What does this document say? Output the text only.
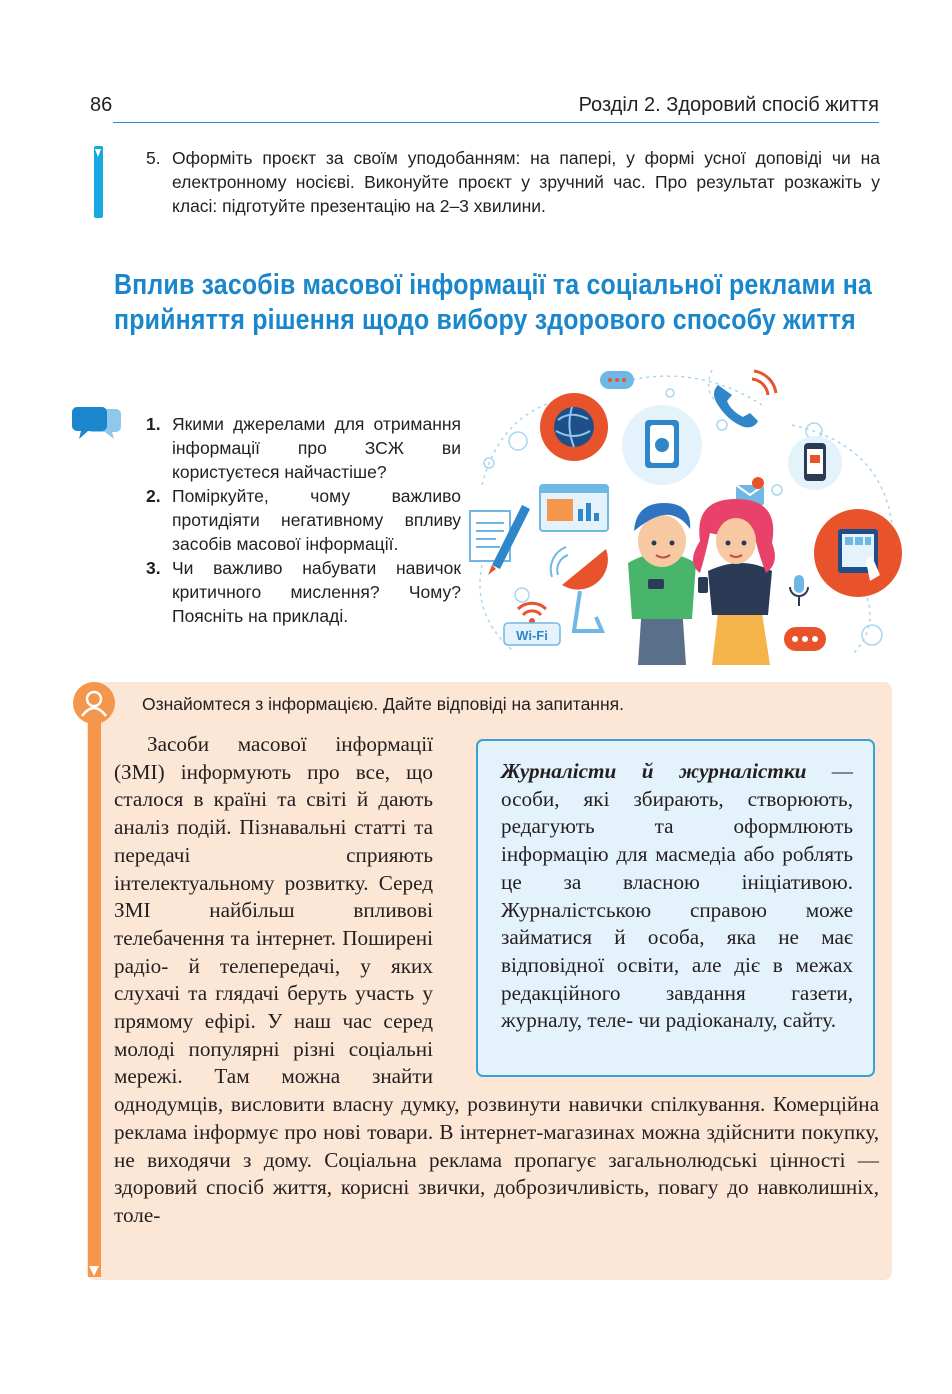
86	Розділ 2. Здоровий спосіб життя
5. Оформіть проєкт за своїм уподобанням: на папері, у формі усної доповіді чи на електронному носієві. Виконуйте проєкт у зручний час. Про результат розкажіть у класі: підготуйте презентацію на 2–3 хвилини.
Вплив засобів масової інформації та соціальної реклами на прийняття рішення щодо вибору здорового способу життя
1. Якими джерелами для отримання інформації про ЗСЖ ви користуєтеся найчастіше?
2. Поміркуйте, чому важливо протидіяти негативному впливу засобів масової інформації.
3. Чи важливо набувати навичок критичного мислення? Чому? Поясніть на прикладі.
Wi-Fi
Ознайомтеся з інформацією. Дайте відповіді на запитання.

Засоби масової інформації (ЗМІ) інформують про все, що сталося в країні та світі й дають аналіз подій. Пізнавальні статті та передачі сприяють інтелектуальному розвитку. Серед ЗМІ найбільш впливові телебачення та інтернет. Поширені радіо- й телепередачі, у яких слухачі та глядачі беруть участь у прямому ефірі. У наш час серед молоді популярні різні соціальні мережі. Там можна знайти однодумців, висловити власну думку, розвинути навички спілкування. Комерційна реклама інформує про нові товари. В інтернет-магазинах можна здійснити покупку, не виходячи з дому. Соціальна реклама пропагує загальнолюдські цінності — здоровий спосіб життя, корисні звички, доброзичливість, повагу до навколишніх, толе-

Журналісти й журналістки — особи, які збирають, створюють, редагують та оформлюють інформацію для масмедіа або роблять це за власною ініціативою. Журналістською справою може займатися й особа, яка не має відповідної освіти, але діє в межах редакційного завдання газети, журналу, теле- чи радіоканалу, сайту.
